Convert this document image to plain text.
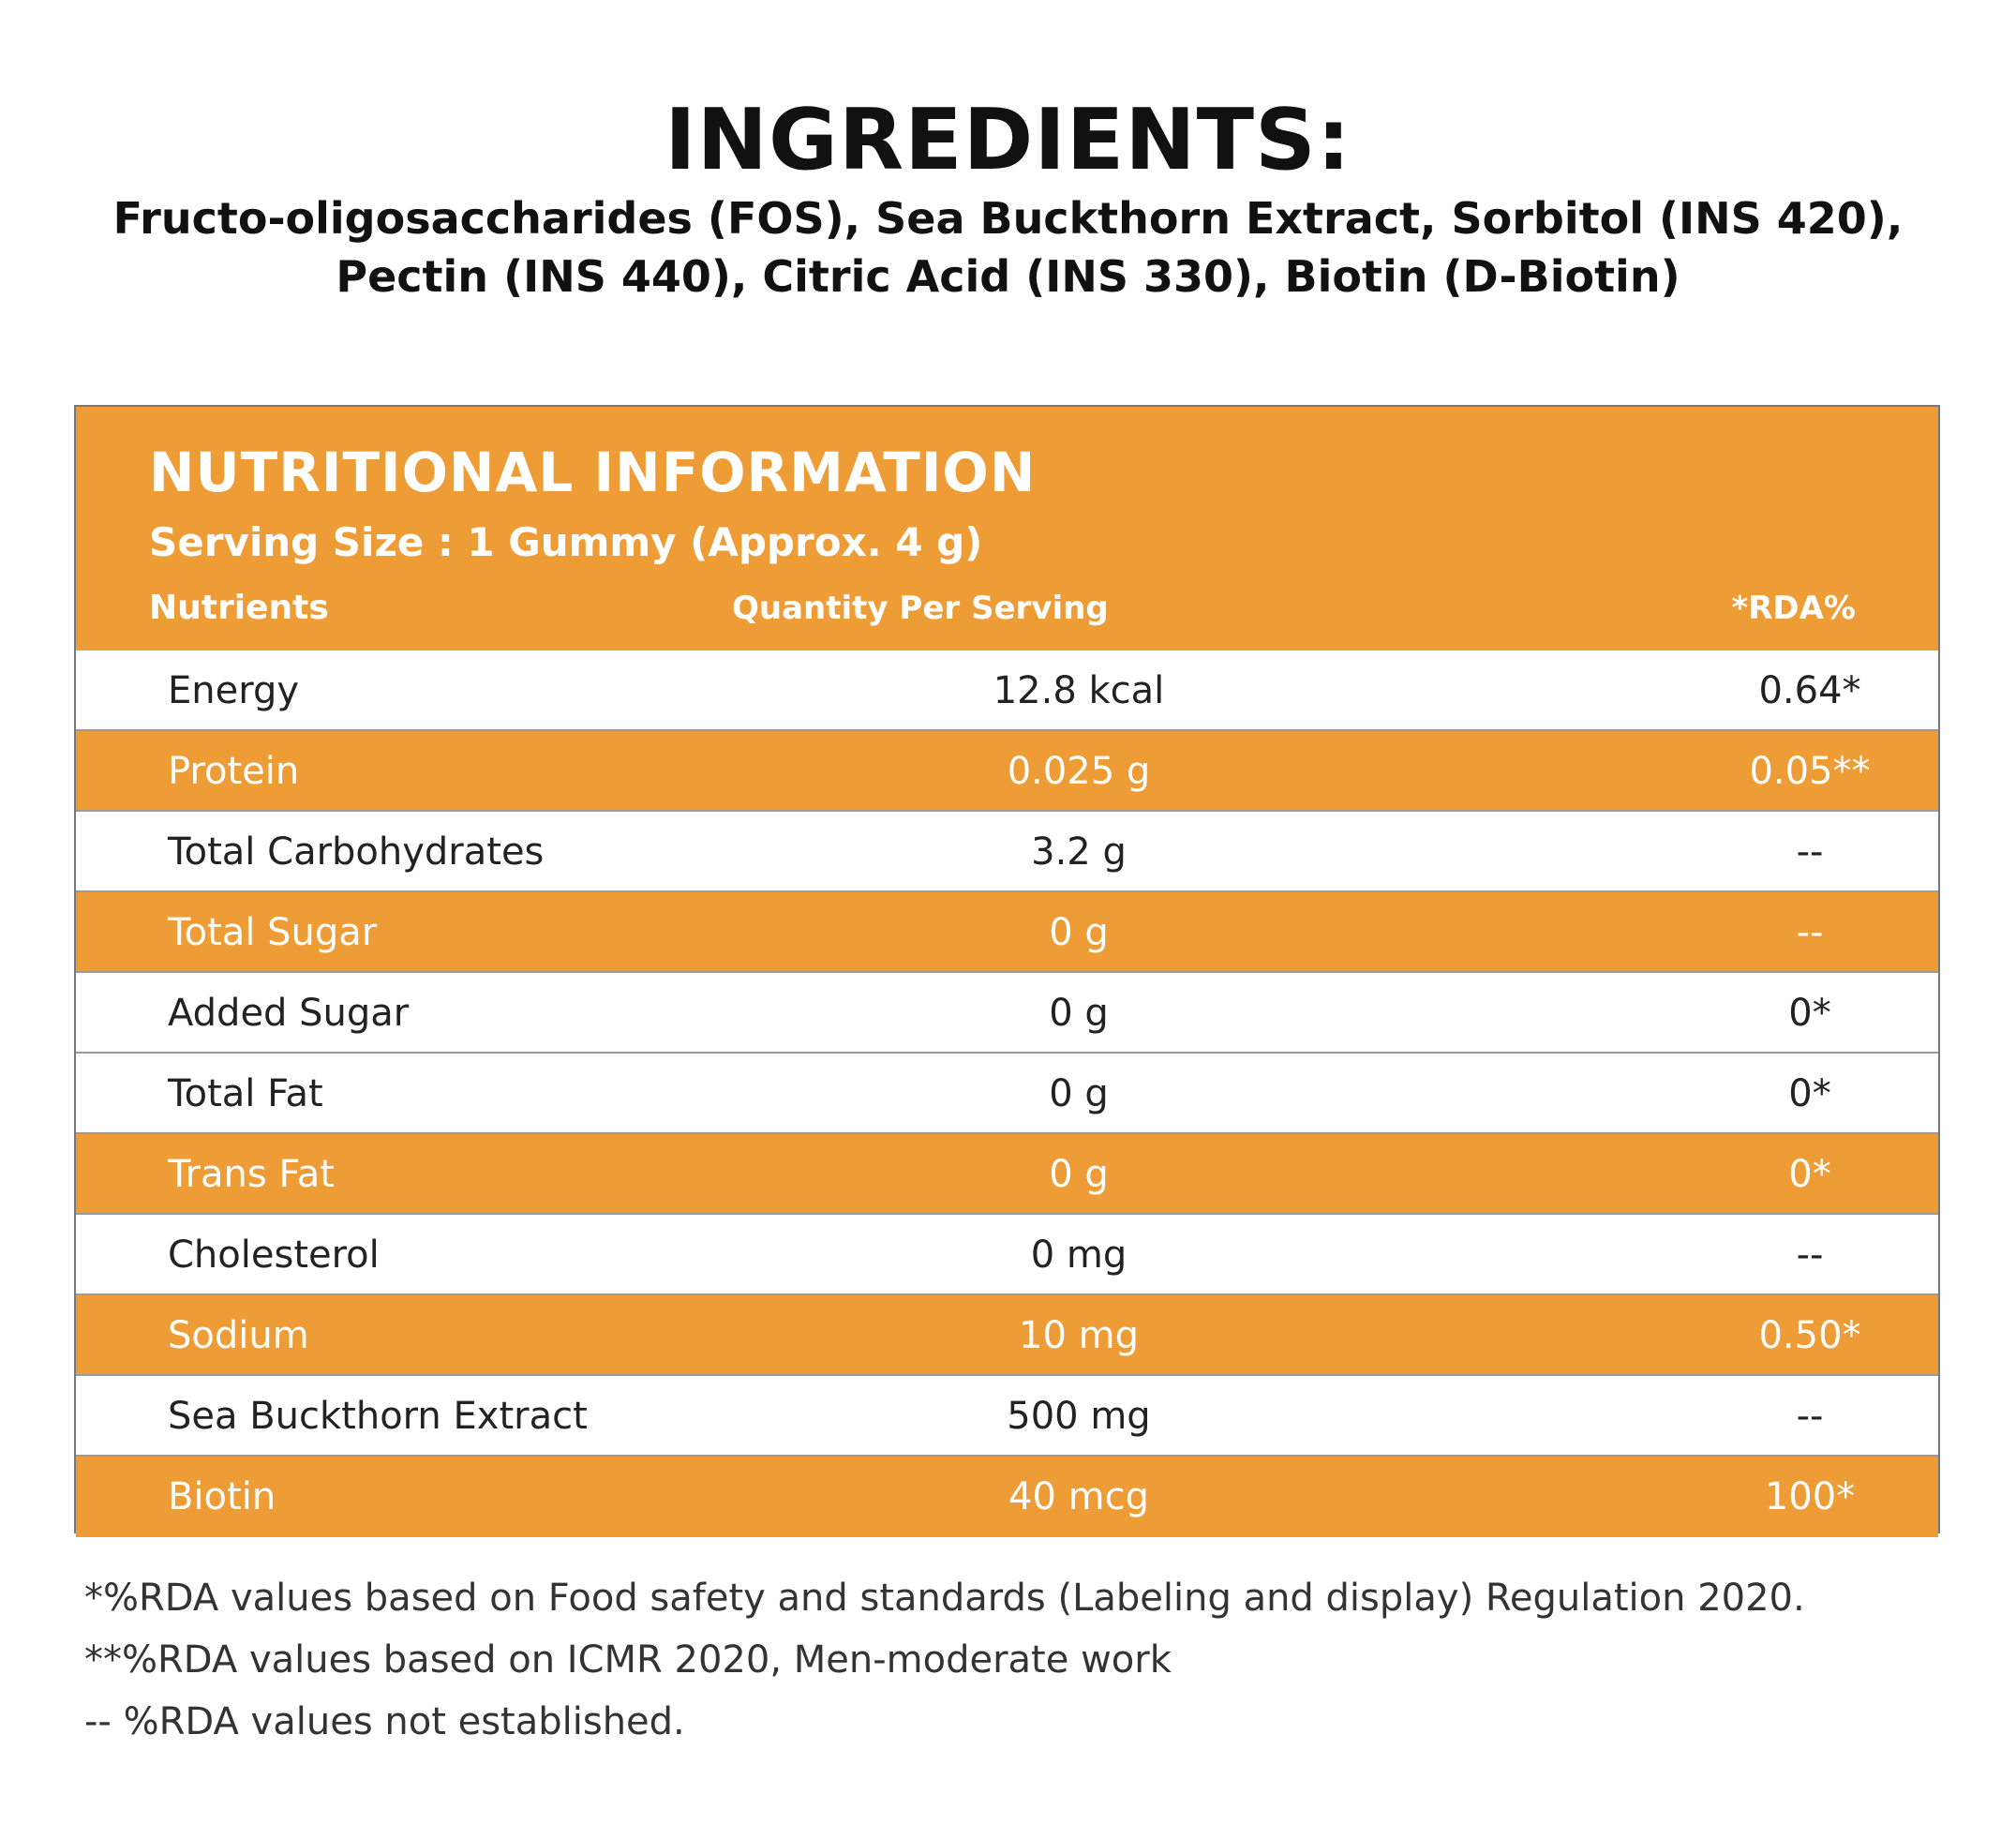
INGREDIENTS:
Fructo-oligosaccharides (FOS), Sea Buckthorn Extract, Sorbitol (INS 420),
Pectin (INS 440), Citric Acid (INS 330), Biotin (D-Biotin)
NUTRITIONAL INFORMATION
Serving Size : 1 Gummy (Approx. 4 g)
Nutrients	Quantity Per Serving	*RDA%
Energy	12.8 kcal	0.64*
Protein	0.025 g	0.05**
Total Carbohydrates	3.2 g	--
Total Sugar	0 g	--
Added Sugar	0 g	0*
Total Fat	0 g	0*
Trans Fat	0 g	0*
Cholesterol	0 mg	--
Sodium	10 mg	0.50*
Sea Buckthorn Extract	500 mg	--
Biotin	40 mcg	100*
*%RDA values based on Food safety and standards (Labeling and display) Regulation 2020.
**%RDA values based on ICMR 2020, Men-moderate work
-- %RDA values not established.
